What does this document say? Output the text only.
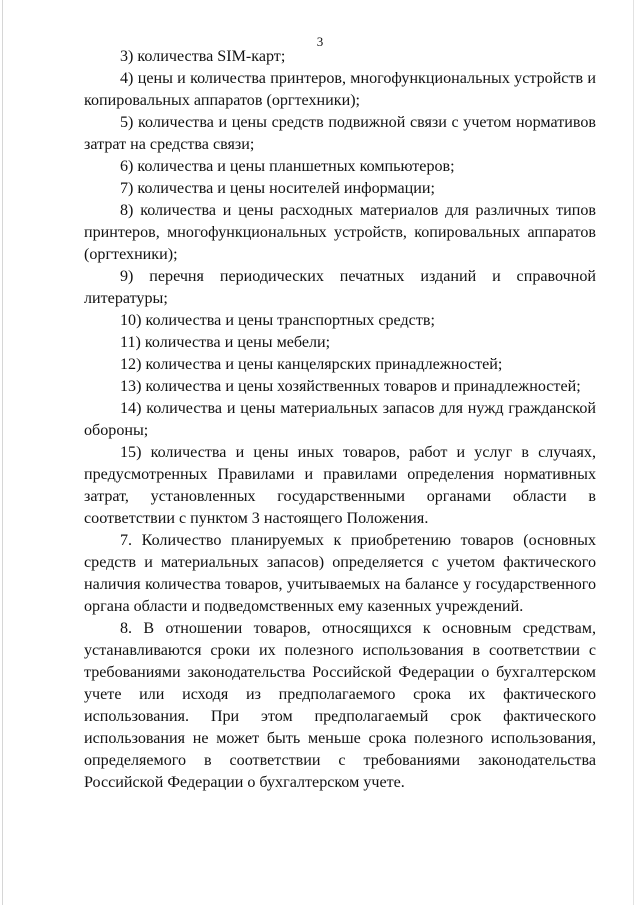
3

3) количества SIM-карт;

4) цены и количества принтеров, многофункциональных устройств и копировальных аппаратов (оргтехники);

5) количества и цены средств подвижной связи с учетом нормативов затрат на средства связи;

6) количества и цены планшетных компьютеров;

7) количества и цены носителей информации;

8) количества и цены расходных материалов для различных типов принтеров, многофункциональных устройств, копировальных аппаратов (оргтехники);

9) перечня периодических печатных изданий и справочной литературы;

10) количества и цены транспортных средств;

11) количества и цены мебели;

12) количества и цены канцелярских принадлежностей;

13) количества и цены хозяйственных товаров и принадлежностей;

14) количества и цены материальных запасов для нужд гражданской обороны;

15) количества и цены иных товаров, работ и услуг в случаях, предусмотренных Правилами и правилами определения нормативных затрат, установленных государственными органами области в соответствии с пунктом 3 настоящего Положения.

7. Количество планируемых к приобретению товаров (основных средств и материальных запасов) определяется с учетом фактического наличия количества товаров, учитываемых на балансе у государственного органа области и подведомственных ему казенных учреждений.

8. В отношении товаров, относящихся к основным средствам, устанавливаются сроки их полезного использования в соответствии с требованиями законодательства Российской Федерации о бухгалтерском учете или исходя из предполагаемого срока их фактического использования. При этом предполагаемый срок фактического использования не может быть меньше срока полезного использования, определяемого в соответствии с требованиями законодательства Российской Федерации о бухгалтерском учете.
